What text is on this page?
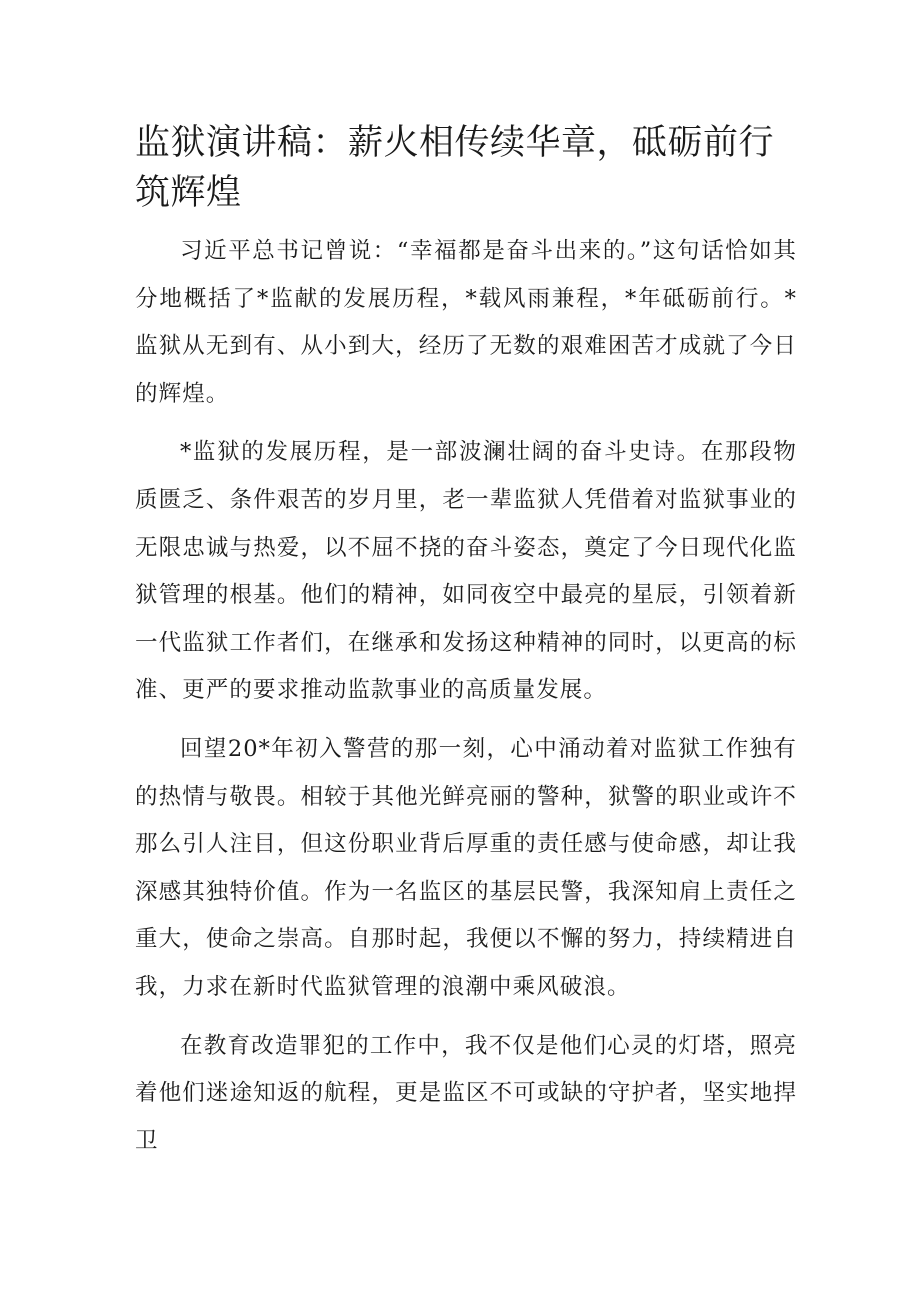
监狱演讲稿：薪火相传续华章，砥砺前行筑辉煌

习近平总书记曾说：“幸福都是奋斗出来的。”这句话恰如其分地概括了*监献的发展历程，*载风雨兼程，*年砥砺前行。*监狱从无到有、从小到大，经历了无数的艰难困苦才成就了今日的辉煌。

*监狱的发展历程，是一部波澜壮阔的奋斗史诗。在那段物质匮乏、条件艰苦的岁月里，老一辈监狱人凭借着对监狱事业的无限忠诚与热爱，以不屈不挠的奋斗姿态，奠定了今日现代化监狱管理的根基。他们的精神，如同夜空中最亮的星辰，引领着新一代监狱工作者们，在继承和发扬这种精神的同时，以更高的标准、更严的要求推动监款事业的高质量发展。

回望20*年初入警营的那一刻，心中涌动着对监狱工作独有的热情与敬畏。相较于其他光鲜亮丽的警种，狱警的职业或许不那么引人注目，但这份职业背后厚重的责任感与使命感，却让我深感其独特价值。作为一名监区的基层民警，我深知肩上责任之重大，使命之崇高。自那时起，我便以不懈的努力，持续精进自我，力求在新时代监狱管理的浪潮中乘风破浪。

在教育改造罪犯的工作中，我不仅是他们心灵的灯塔，照亮着他们迷途知返的航程，更是监区不可或缺的守护者，坚实地捍卫
